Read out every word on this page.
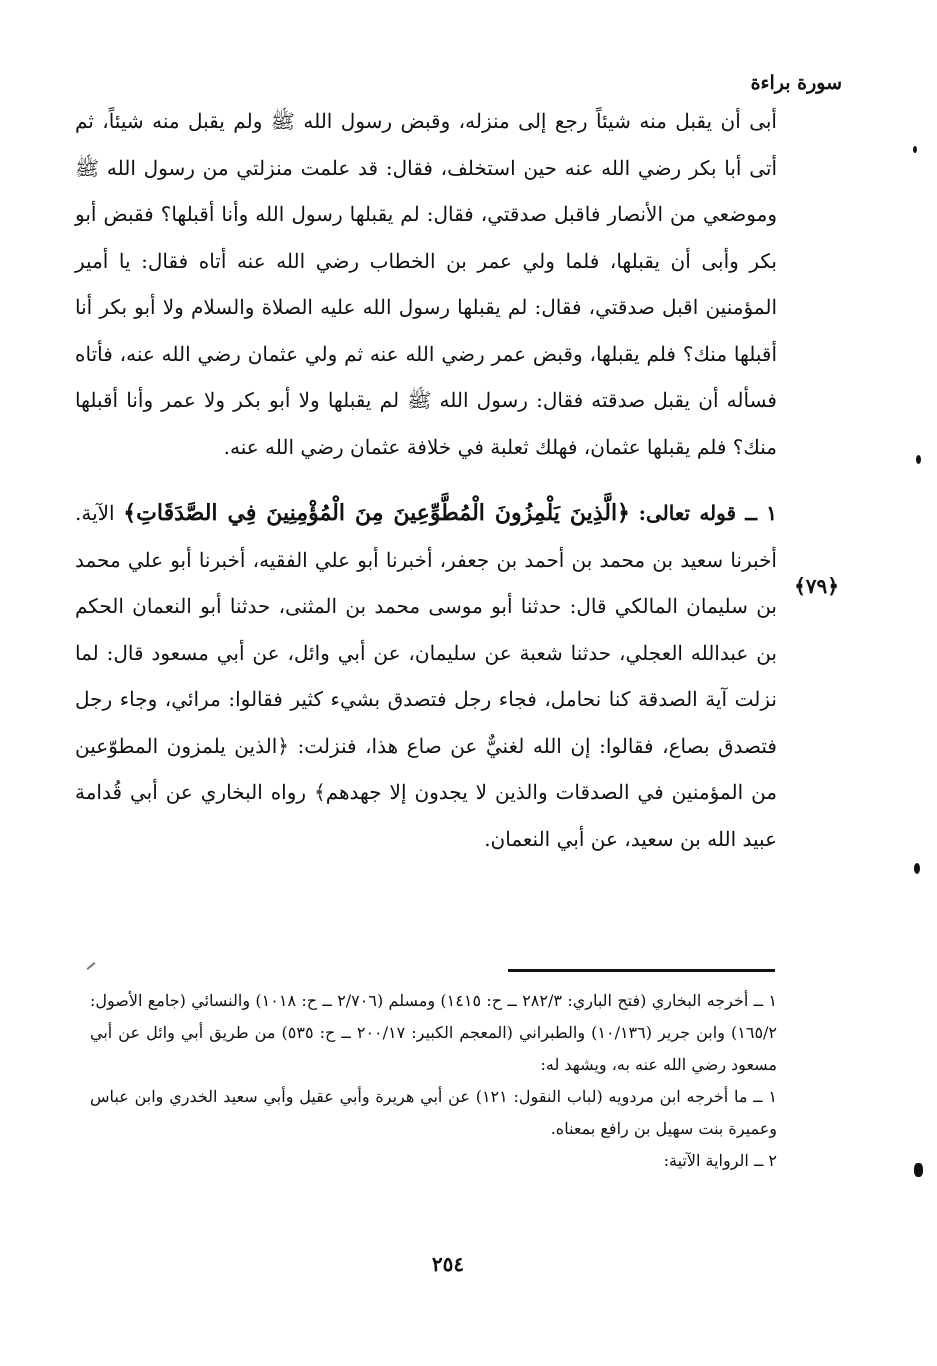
سورة براءة

أبى أن يقبل منه شيئاً رجع إلى منزله، وقبض رسول الله ﷺ ولم يقبل منه شيئاً، ثم أتى أبا بكر رضي الله عنه حين استخلف، فقال: قد علمت منزلتي من رسول الله ﷺ وموضعي من الأنصار فاقبل صدقتي، فقال: لم يقبلها رسول الله وأنا أقبلها؟ فقبض أبو بكر وأبى أن يقبلها، فلما ولي عمر بن الخطاب رضي الله عنه أتاه فقال: يا أمير المؤمنين اقبل صدقتي، فقال: لم يقبلها رسول الله عليه الصلاة والسلام ولا أبو بكر أنا أقبلها منك؟ فلم يقبلها، وقبض عمر رضي الله عنه ثم ولي عثمان رضي الله عنه، فأتاه فسأله أن يقبل صدقته فقال: رسول الله ﷺ لم يقبلها ولا أبو بكر ولا عمر وأنا أقبلها منك؟ فلم يقبلها عثمان، فهلك ثعلبة في خلافة عثمان رضي الله عنه.

١ ــ قوله تعالى: ﴿الَّذِينَ يَلْمِزُونَ الْمُطَّوِّعِينَ مِنَ الْمُؤْمِنِينَ فِي الصَّدَقَاتِ﴾ الآية. أخبرنا سعيد بن محمد بن أحمد بن جعفر، أخبرنا أبو علي الفقيه، أخبرنا أبو علي محمد بن سليمان المالكي قال: حدثنا أبو موسى محمد بن المثنى، حدثنا أبو النعمان الحكم بن عبدالله العجلي، حدثنا شعبة عن سليمان، عن أبي وائل، عن أبي مسعود قال: لما نزلت آية الصدقة كنا نحامل، فجاء رجل فتصدق بشيء كثير فقالوا: مرائي، وجاء رجل فتصدق بصاع، فقالوا: إن الله لغنيٌّ عن صاع هذا، فنزلت: ﴿الذين يلمزون المطوّعين من المؤمنين في الصدقات والذين لا يجدون إلا جهدهم﴾ رواه البخاري عن أبي قُدامة عبيد الله بن سعيد، عن أبي النعمان.

﴿٧٩﴾

١ ــ أخرجه البخاري (فتح الباري: ٢٨٢/٣ ــ ح: ١٤١٥) ومسلم (٢/٧٠٦ ــ ح: ١٠١٨) والنسائي (جامع الأصول: ١٦٥/٢) وابن جرير (١٠/١٣٦) والطبراني (المعجم الكبير: ٢٠٠/١٧ ــ ح: ٥٣٥) من طريق أبي وائل عن أبي مسعود رضي الله عنه به، ويشهد له:

١ ــ ما أخرجه ابن مردويه (لباب النقول: ١٢١) عن أبي هريرة وأبي عقيل وأبي سعيد الخدري وابن عباس وعميرة بنت سهيل بن رافع بمعناه.

٢ ــ الرواية الآتية:

٢٥٤
